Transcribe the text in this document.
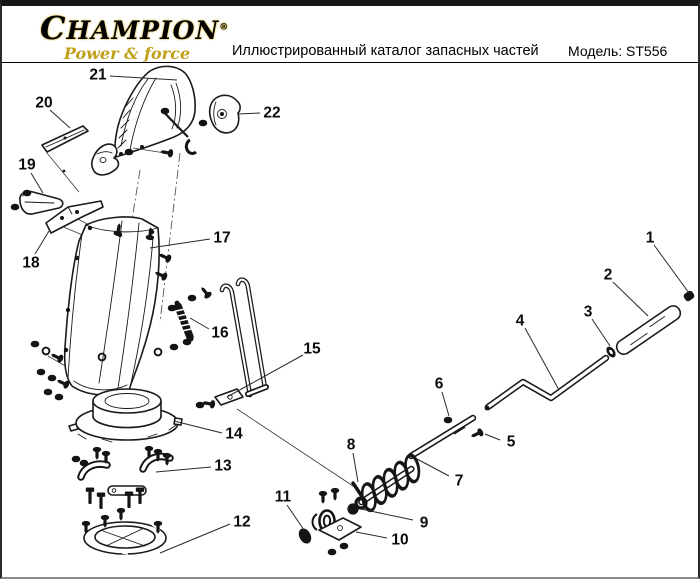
CHAMPION®
Power & force	Иллюстрированный каталог запасных частей Модель: ST556
1
2
3
4
5
6
7
8
9
10
11
12
13
14
15
16
17
18
19
20
21
22
